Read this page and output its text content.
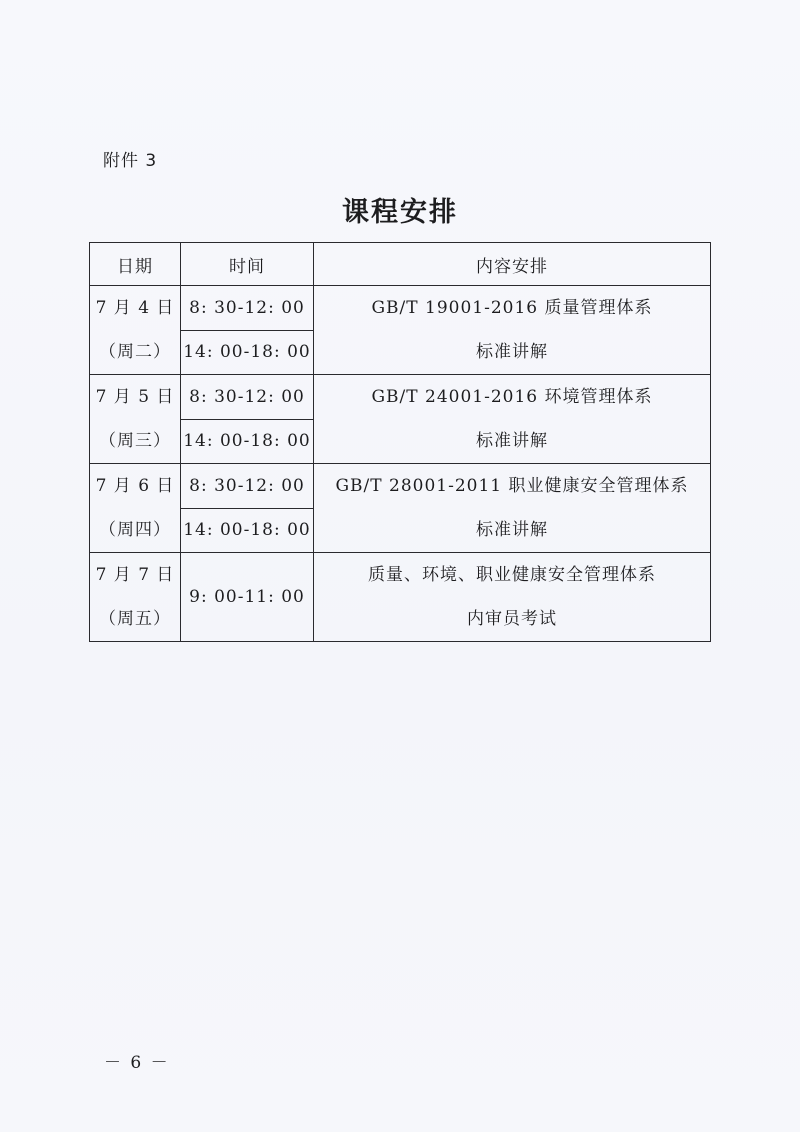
附件 3
课程安排
日期	时间	内容安排

7 月 4 日
（周二）	8: 30-12: 00	GB/T 19001-2016 质量管理体系
标准讲解

	14: 00-18: 00	

7 月 5 日
（周三）	8: 30-12: 00	GB/T 24001-2016 环境管理体系
标准讲解

	14: 00-18: 00	

7 月 6 日
（周四）	8: 30-12: 00	GB/T 28001-2011 职业健康安全管理体系
标准讲解

	14: 00-18: 00	

7 月 7 日
（周五）	9: 00-11: 00	质量、环境、职业健康安全管理体系
内审员考试
－ 6 －
